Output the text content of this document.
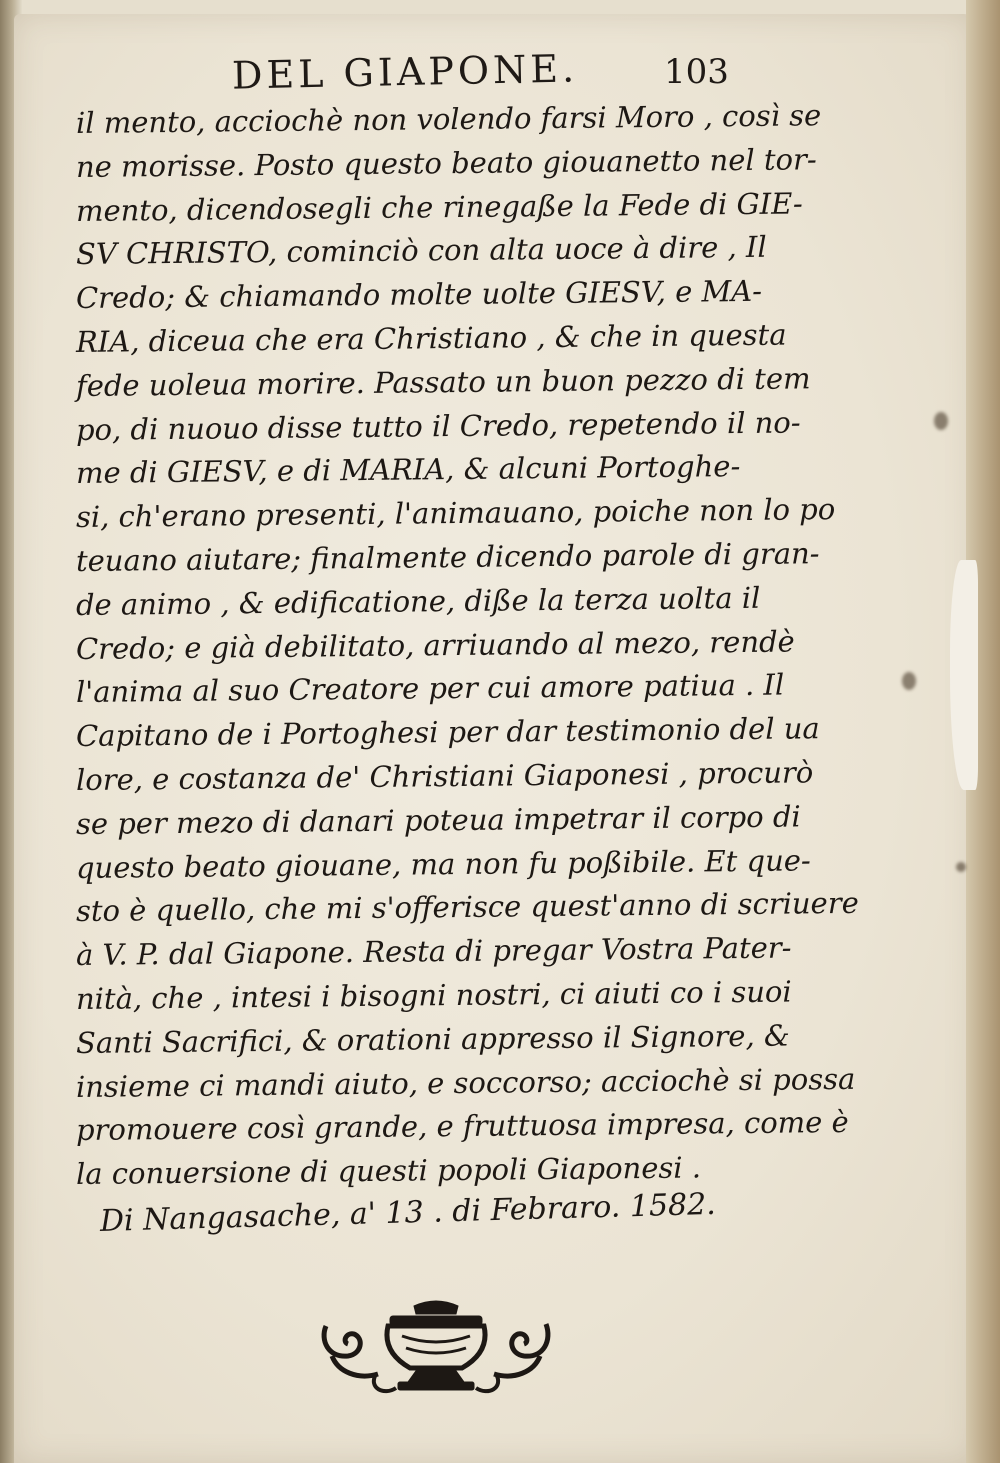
DEL GIAPONE.	103
il mento, acciochè non volendo farsi Moro , così se
ne morisse. Posto questo beato giouanetto nel tor-
mento, dicendosegli che rinegaße la Fede di GIE-
SV CHRISTO, cominciò con alta uoce à dire , Il
Credo; & chiamando molte uolte GIESV, e MA-
RIA, diceua che era Christiano , & che in questa
fede uoleua morire. Passato un buon pezzo di tem
po, di nuouo disse tutto il Credo, repetendo il no-
me di GIESV, e di MARIA, & alcuni Portoghe-
si, ch'erano presenti, l'animauano, poiche non lo po
teuano aiutare; finalmente dicendo parole di gran-
de animo , & edificatione, diße la terza uolta il
Credo; e già debilitato, arriuando al mezo, rendè
l'anima al suo Creatore per cui amore patiua . Il
Capitano de i Portoghesi per dar testimonio del ua
lore, e costanza de' Christiani Giaponesi , procurò
se per mezo di danari poteua impetrar il corpo di
questo beato giouane, ma non fu poßibile. Et que-
sto è quello, che mi s'offerisce quest'anno di scriuere
à V. P. dal Giapone. Resta di pregar Vostra Pater-
nità, che , intesi i bisogni nostri, ci aiuti co i suoi
Santi Sacrifici, & orationi appresso il Signore, &
insieme ci mandi aiuto, e soccorso; acciochè si possa
promouere così grande, e fruttuosa impresa, come è
la conuersione di questi popoli Giaponesi .
Di Nangasache, a' 13 . di Febraro. 1582.
